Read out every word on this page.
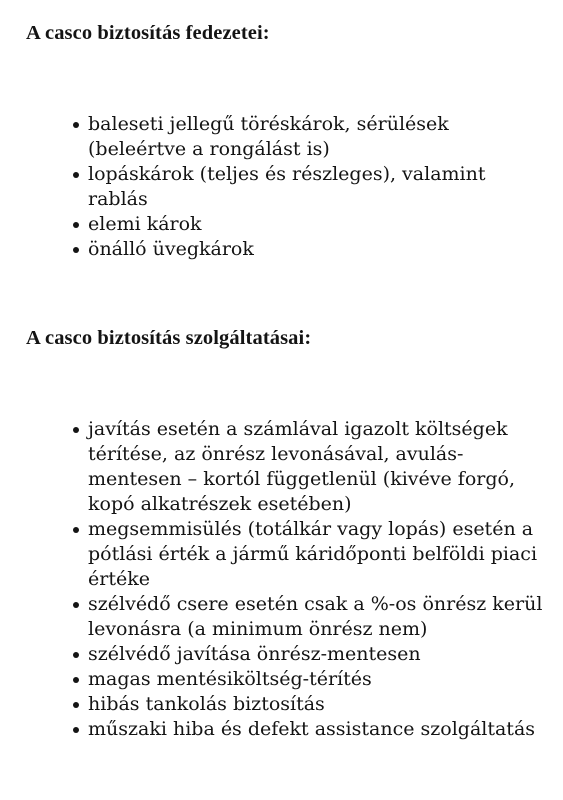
A casco biztosítás fedezetei:
baleseti jellegű töréskárok, sérülések (beleértve a rongálást is)
lopáskárok (teljes és részleges), valamint rablás
elemi károk
önálló üvegkárok
A casco biztosítás szolgáltatásai:
javítás esetén a számlával igazolt költségek térítése, az önrész levonásával, avulás-mentesen – kortól függetlenül (kivéve forgó, kopó alkatrészek esetében)
megsemmisülés (totálkár vagy lopás) esetén a pótlási érték a jármű káridőponti belföldi piaci értéke
szélvédő csere esetén csak a %-os önrész kerül levonásra (a minimum önrész nem)
szélvédő javítása önrész-mentesen
magas mentésiköltség-térítés
hibás tankolás biztosítás
műszaki hiba és defekt assistance szolgáltatás
